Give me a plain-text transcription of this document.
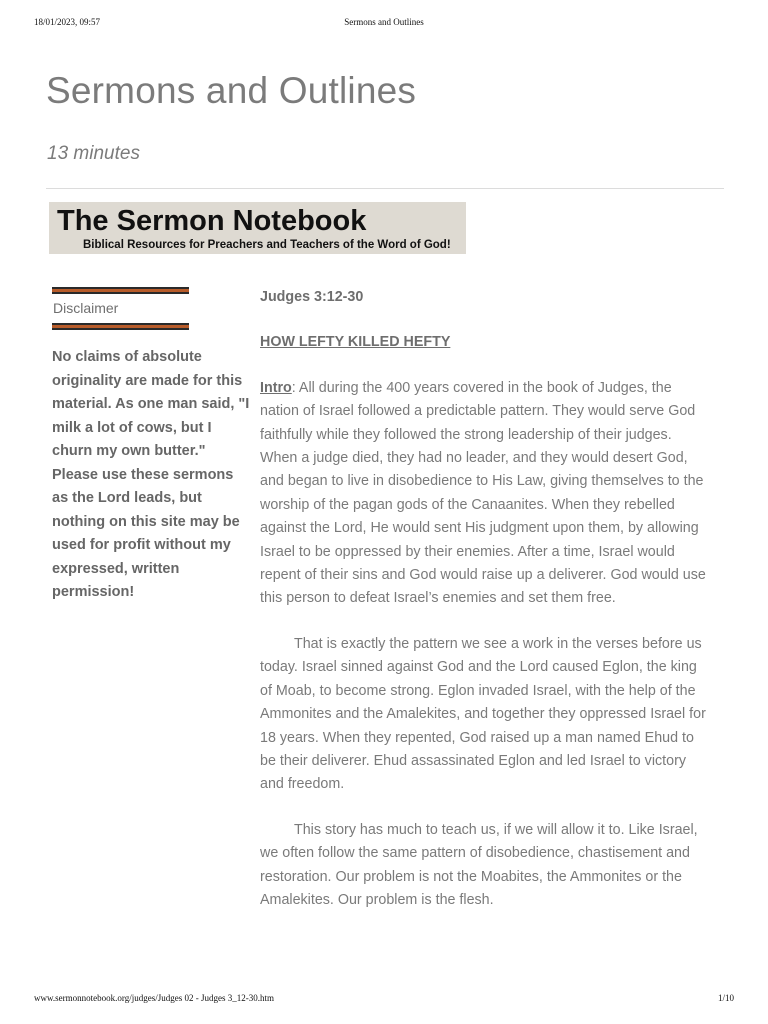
18/01/2023, 09:57	Sermons and Outlines
Sermons and Outlines
13 minutes
The Sermon Notebook
Biblical Resources for Preachers and Teachers of the Word of God!
Disclaimer
No claims of absolute originality are made for this material. As one man said, "I milk a lot of cows, but I churn my own butter." Please use these sermons as the Lord leads, but nothing on this site may be used for profit without my expressed, written permission!
Judges 3:12-30
HOW LEFTY KILLED HEFTY

Intro: All during the 400 years covered in the book of Judges, the nation of Israel followed a predictable pattern. They would serve God faithfully while they followed the strong leadership of their judges. When a judge died, they had no leader, and they would desert God, and began to live in disobedience to His Law, giving themselves to the worship of the pagan gods of the Canaanites. When they rebelled against the Lord, He would sent His judgment upon them, by allowing Israel to be oppressed by their enemies. After a time, Israel would repent of their sins and God would raise up a deliverer. God would use this person to defeat Israel’s enemies and set them free.

That is exactly the pattern we see a work in the verses before us today. Israel sinned against God and the Lord caused Eglon, the king of Moab, to become strong. Eglon invaded Israel, with the help of the Ammonites and the Amalekites, and together they oppressed Israel for 18 years. When they repented, God raised up a man named Ehud to be their deliverer. Ehud assassinated Eglon and led Israel to victory and freedom.

This story has much to teach us, if we will allow it to. Like Israel, we often follow the same pattern of disobedience, chastisement and restoration. Our problem is not the Moabites, the Ammonites or the Amalekites. Our problem is the flesh.

www.sermonnotebook.org/judges/Judges 02 - Judges 3_12-30.htm	1/10
